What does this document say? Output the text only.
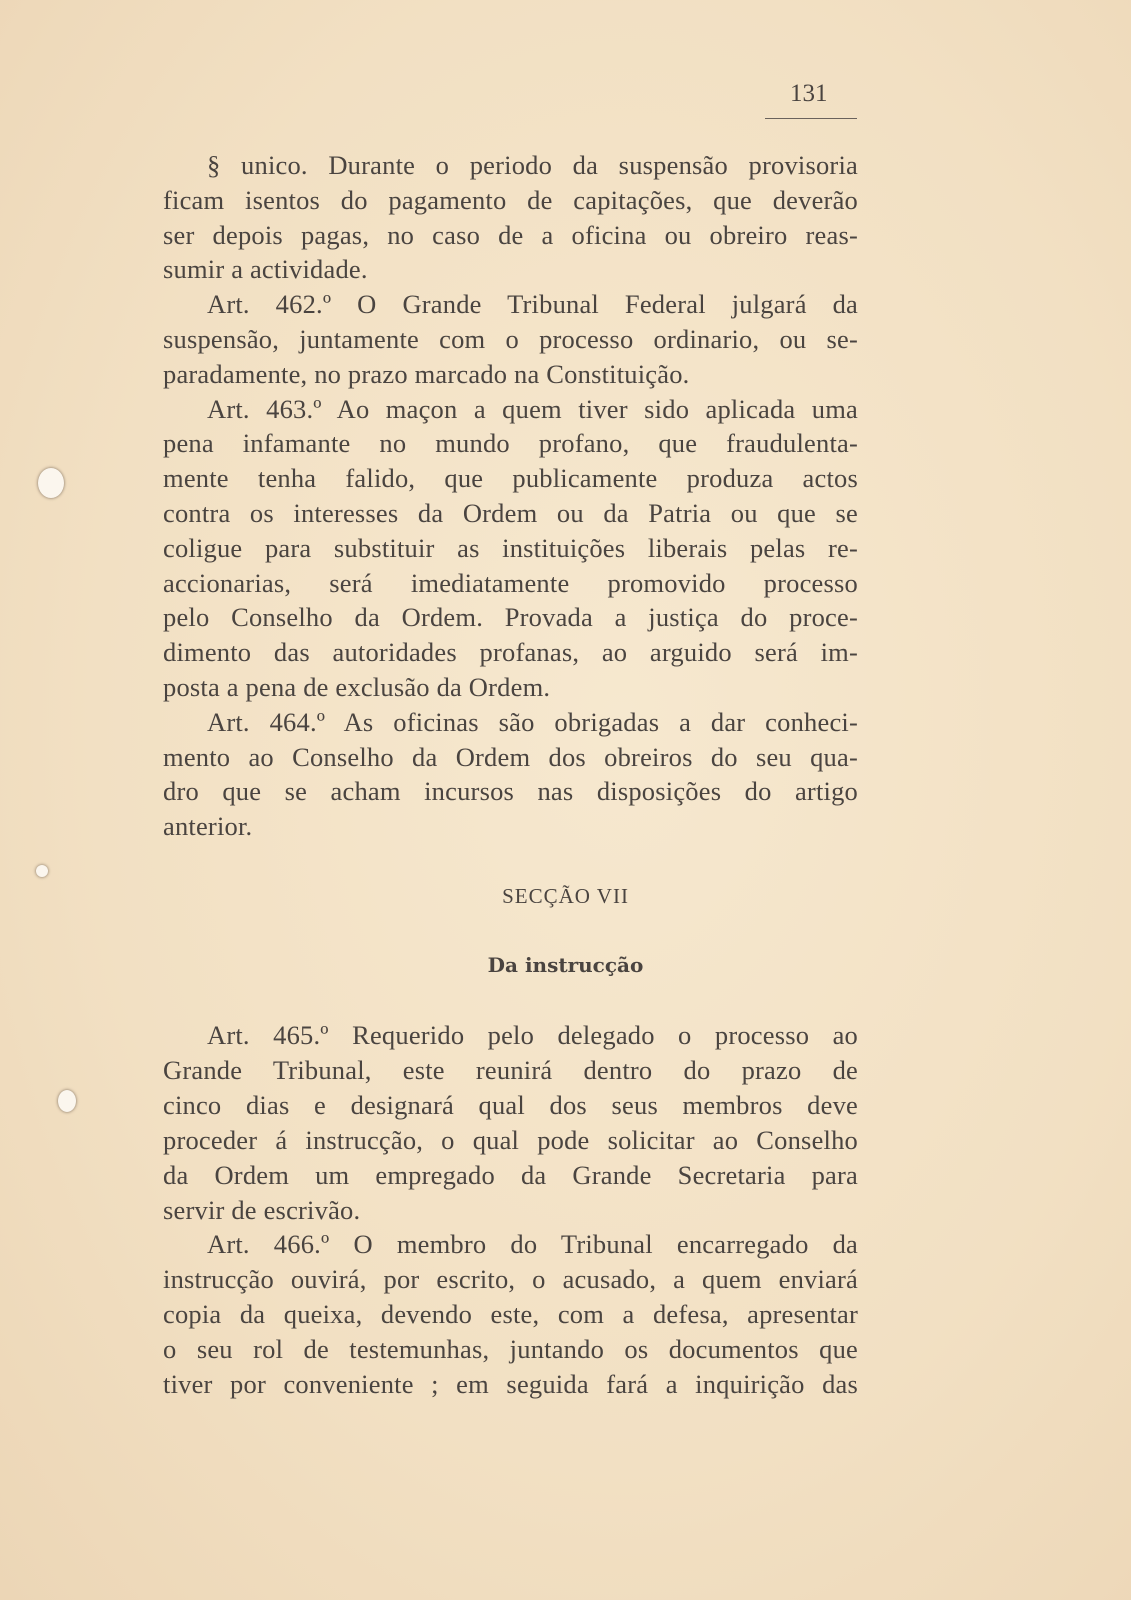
131
§ unico. Durante o periodo da suspensão provisoria
ficam isentos do pagamento de capitações, que deverão
ser depois pagas, no caso de a oficina ou obreiro reas-
sumir a actividade.
Art. 462.º O Grande Tribunal Federal julgará da
suspensão, juntamente com o processo ordinario, ou se-
paradamente, no prazo marcado na Constituição.
Art. 463.º Ao maçon a quem tiver sido aplicada uma
pena infamante no mundo profano, que fraudulenta-
mente tenha falido, que publicamente produza actos
contra os interesses da Ordem ou da Patria ou que se
coligue para substituir as instituições liberais pelas re-
accionarias, será imediatamente promovido processo
pelo Conselho da Ordem. Provada a justiça do proce-
dimento das autoridades profanas, ao arguido será im-
posta a pena de exclusão da Ordem.
Art. 464.º As oficinas são obrigadas a dar conheci-
mento ao Conselho da Ordem dos obreiros do seu qua-
dro que se acham incursos nas disposições do artigo
anterior.
SECÇÃO VII
Da instrucção
Art. 465.º Requerido pelo delegado o processo ao
Grande Tribunal, este reunirá dentro do prazo de
cinco dias e designará qual dos seus membros deve
proceder á instrucção, o qual pode solicitar ao Conselho
da Ordem um empregado da Grande Secretaria para
servir de escrivão.
Art. 466.º O membro do Tribunal encarregado da
instrucção ouvirá, por escrito, o acusado, a quem enviará
copia da queixa, devendo este, com a defesa, apresentar
o seu rol de testemunhas, juntando os documentos que
tiver por conveniente ; em seguida fará a inquirição das
